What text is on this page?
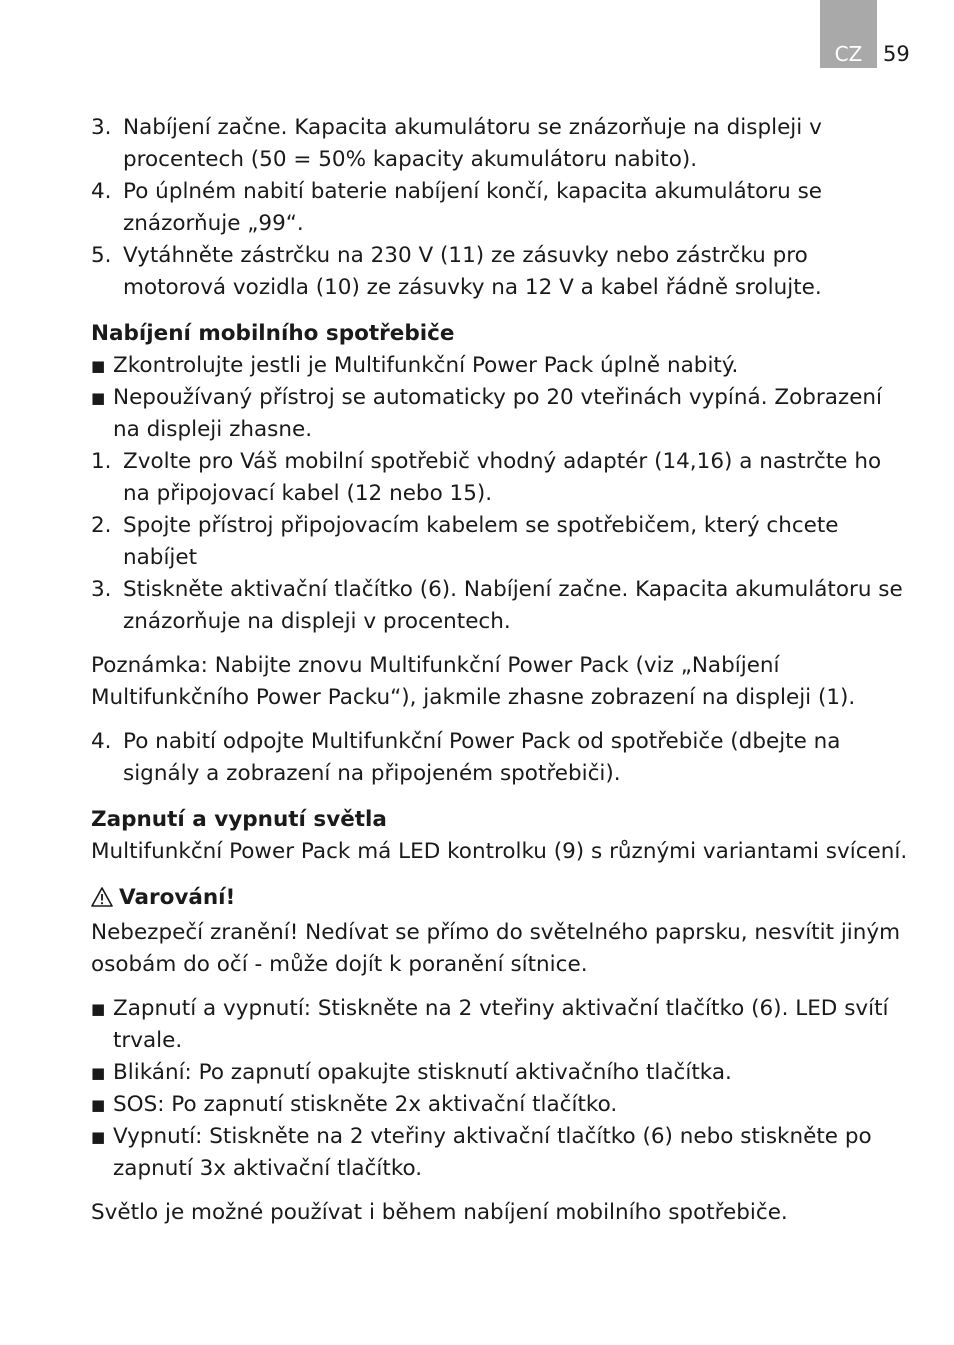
CZ 59
3. Nabíjení začne. Kapacita akumulátoru se znázorňuje na displeji v procentech (50 = 50% kapacity akumulátoru nabito).
4. Po úplném nabití baterie nabíjení končí, kapacita akumulátoru se znázorňuje „99“.
5. Vytáhněte zástrčku na 230 V (11) ze zásuvky nebo zástrčku pro motorová vozidla (10) ze zásuvky na 12 V a kabel řádně srolujte.
Nabíjení mobilního spotřebiče
■ Zkontrolujte jestli je Multifunkční Power Pack úplně nabitý.
■ Nepoužívaný přístroj se automaticky po 20 vteřinách vypíná. Zobrazení na displeji zhasne.
1. Zvolte pro Váš mobilní spotřebič vhodný adaptér (14,16) a nastrčte ho na připojovací kabel (12 nebo 15).
2. Spojte přístroj připojovacím kabelem se spotřebičem, který chcete nabíjet
3. Stiskněte aktivační tlačítko (6). Nabíjení začne. Kapacita akumulátoru se znázorňuje na displeji v procentech.

Poznámka: Nabijte znovu Multifunkční Power Pack (viz „Nabíjení Multifunkčního Power Packu“), jakmile zhasne zobrazení na displeji (1).

4. Po nabití odpojte Multifunkční Power Pack od spotřebiče (dbejte na signály a zobrazení na připojeném spotřebiči).
Zapnutí a vypnutí světla

Multifunkční Power Pack má LED kontrolku (9) s různými variantami svícení.

Varování!

Nebezpečí zranění! Nedívat se přímo do světelného paprsku, nesvítit jiným osobám do očí - může dojít k poranění sítnice.

■ Zapnutí a vypnutí: Stiskněte na 2 vteřiny aktivační tlačítko (6). LED svítí trvale.
■ Blikání: Po zapnutí opakujte stisknutí aktivačního tlačítka.
■ SOS: Po zapnutí stiskněte 2x aktivační tlačítko.
■ Vypnutí: Stiskněte na 2 vteřiny aktivační tlačítko (6) nebo stiskněte po zapnutí 3x aktivační tlačítko.

Světlo je možné používat i během nabíjení mobilního spotřebiče.
